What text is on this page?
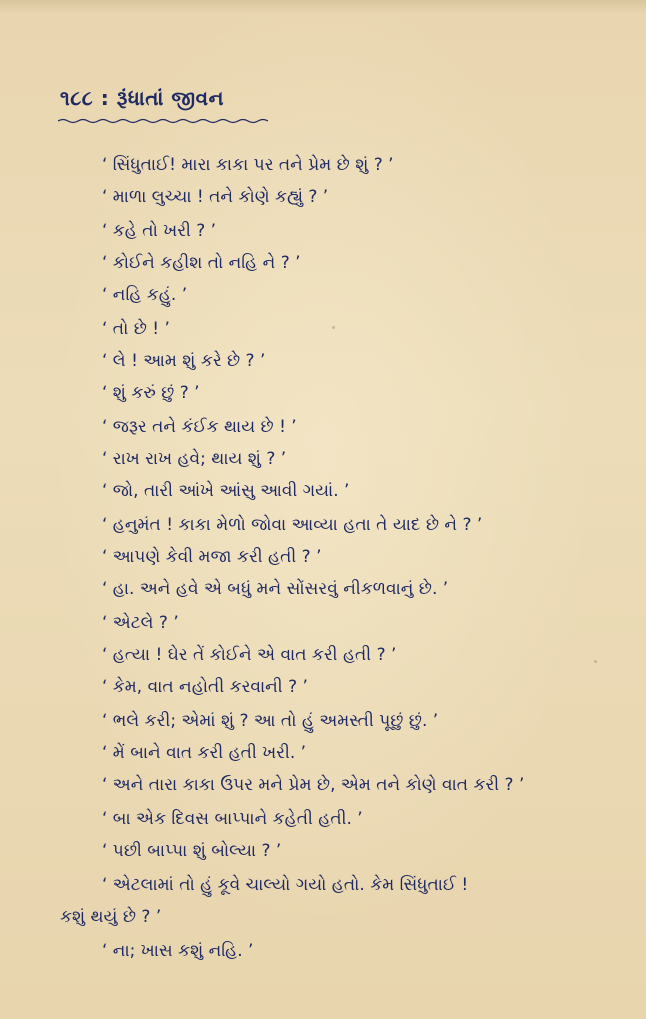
૧૮૮ : રૂંધાતાં જીવન
‘ સિંધુતાઈ! મારા કાકા પર તને પ્રેમ છે શું ? ’
‘ માળા લુચ્ચા ! તને કોણે કહ્યું ? ’
‘ કહે તો ખરી ? ’
‘ કોઈને કહીશ તો નહિ ને ? ’
‘ નહિ કહું. ’
‘ તો છે ! ’
‘ લે ! આમ શું કરે છે ? ’
‘ શું કરું છું ? ’
‘ જરૂર તને કંઈક થાય છે ! ’
‘ રાખ રાખ હવે; થાય શું ? ’
‘ જો, તારી આંખે આંસુ આવી ગયાં. ’
‘ હનુમંત ! કાકા મેળો જોવા આવ્યા હતા તે યાદ છે ને ? ’
‘ આપણે કેવી મજા કરી હતી ? ’
‘ હા. અને હવે એ બધું મને સોંસરવું નીકળવાનું છે. ’
‘ એટલે ? ’
‘ હત્યા ! ઘેર તેં કોઈને એ વાત કરી હતી ? ’
‘ કેમ, વાત નહોતી કરવાની ? ’
‘ ભલે કરી; એમાં શું ? આ તો હું અમસ્તી પૂછું છું. ’
‘ મેં બાને વાત કરી હતી ખરી. ’
‘ અને તારા કાકા ઉપર મને પ્રેમ છે, એમ તને કોણે વાત કરી ? ’
‘ બા એક દિવસ બાપ્પાને કહેતી હતી. ’
‘ પછી બાપ્પા શું બોલ્યા ? ’
‘ એટલામાં તો હું કૂવે ચાલ્યો ગયો હતો. કેમ સિંધુતાઈ !
કશું થયું છે ? ’
‘ ના; ખાસ કશું નહિ. ’
